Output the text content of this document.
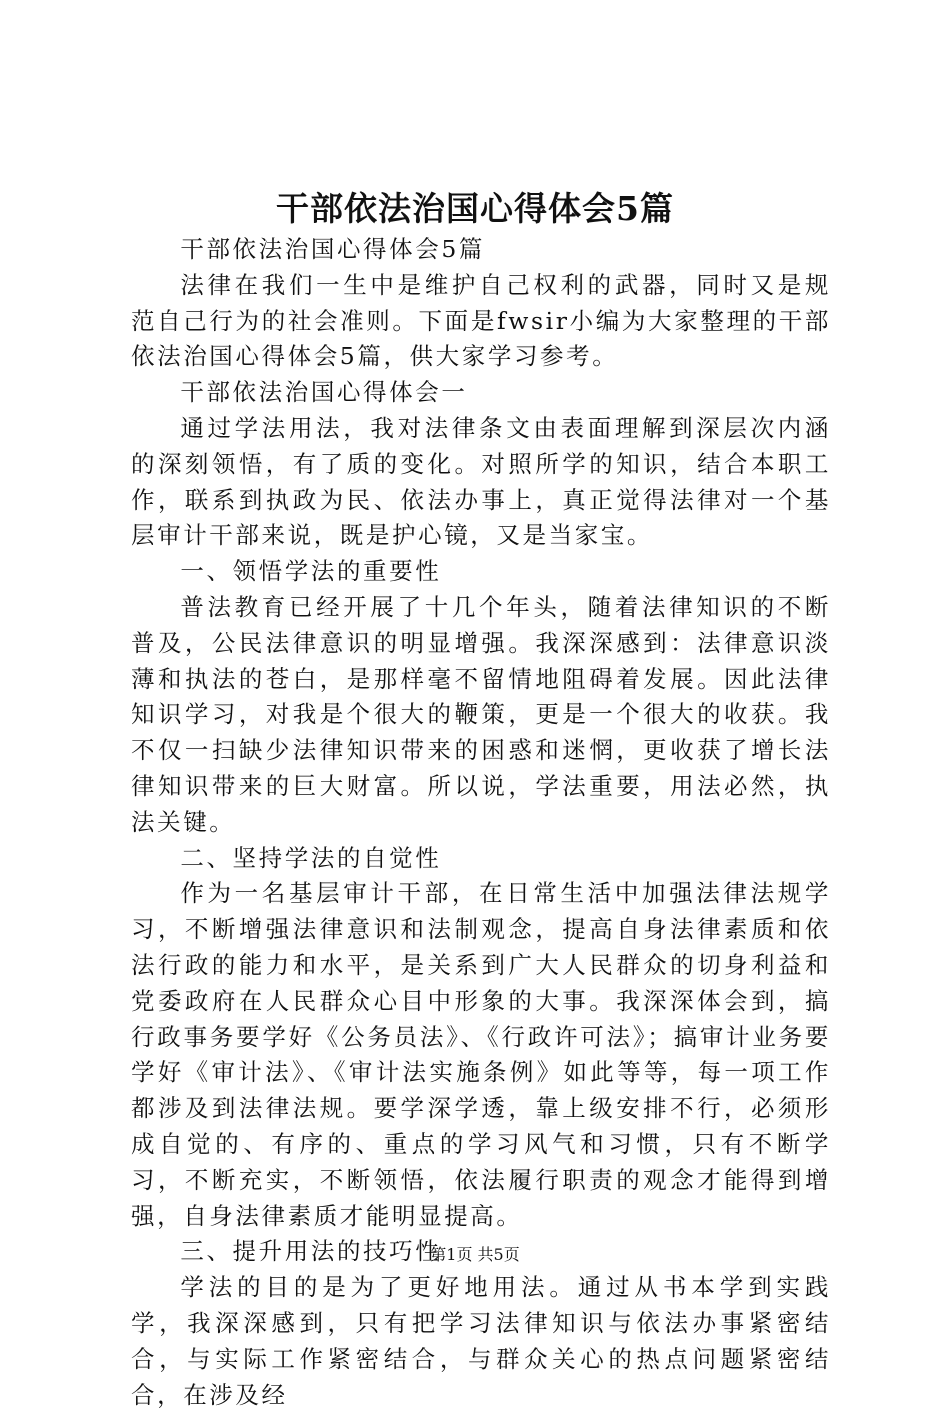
干部依法治国心得体会5篇

干部依法治国心得体会5篇

法律在我们一生中是维护自己权利的武器，同时又是规范自己行为的社会准则。下面是fwsir小编为大家整理的干部依法治国心得体会5篇，供大家学习参考。

干部依法治国心得体会一

通过学法用法，我对法律条文由表面理解到深层次内涵的深刻领悟，有了质的变化。对照所学的知识，结合本职工作，联系到执政为民、依法办事上，真正觉得法律对一个基层审计干部来说，既是护心镜，又是当家宝。

一、领悟学法的重要性

普法教育已经开展了十几个年头，随着法律知识的不断普及，公民法律意识的明显增强。我深深感到：法律意识淡薄和执法的苍白，是那样毫不留情地阻碍着发展。因此法律知识学习，对我是个很大的鞭策，更是一个很大的收获。我不仅一扫缺少法律知识带来的困惑和迷惘，更收获了增长法律知识带来的巨大财富。所以说，学法重要，用法必然，执法关键。

二、坚持学法的自觉性

作为一名基层审计干部，在日常生活中加强法律法规学习，不断增强法律意识和法制观念，提高自身法律素质和依法行政的能力和水平，是关系到广大人民群众的切身利益和党委政府在人民群众心目中形象的大事。我深深体会到，搞行政事务要学好《公务员法》、《行政许可法》；搞审计业务要学好《审计法》、《审计法实施条例》如此等等，每一项工作都涉及到法律法规。要学深学透，靠上级安排不行，必须形成自觉的、有序的、重点的学习风气和习惯，只有不断学习，不断充实，不断领悟，依法履行职责的观念才能得到增强，自身法律素质才能明显提高。

三、提升用法的技巧性

学法的目的是为了更好地用法。通过从书本学到实践学，我深深感到，只有把学习法律知识与依法办事紧密结合，与实际工作紧密结合，与群众关心的热点问题紧密结合，在涉及经

第1页 共5页
